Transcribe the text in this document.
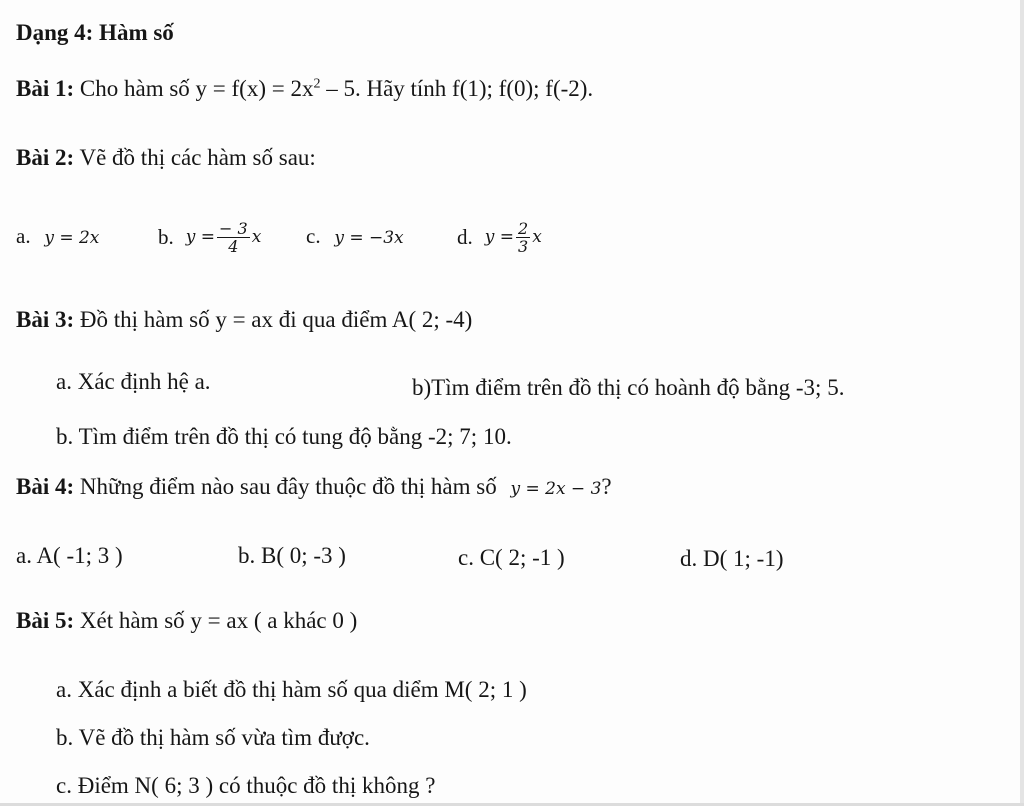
Dạng 4: Hàm số
Bài 1: Cho hàm số $y = f(x) = 2x^2 - 5$. Hãy tính f(1); f(0); f(-2).
Bài 2: Vẽ đồ thị các hàm số sau:
a. y = 2x	b. $y = \frac{- 3}{4}$ x c. y = −3x	d. $y = \frac{2}{3}$ x
Bài 3: Đồ thị hàm số y = ax đi qua điểm A( 2; -4)
a. Xác định hệ a.	b)Tìm điểm trên đồ thị có hoành độ bằng -3; 5.
b. Tìm điểm trên đồ thị có tung độ bằng -2; 7; 10.
Bài 4: Những điểm nào sau đây thuộc đồ thị hàm số y = 2x − 3?
a. A( -1; 3 )	b. B( 0; -3 )	c. C( 2; -1 )	d. D( 1; -1)
Bài 5: Xét hàm số y = ax ( a khác 0 )
a. Xác định a biết đồ thị hàm số qua diểm M( 2; 1 )
b. Vẽ đồ thị hàm số vừa tìm được.
c. Điểm N( 6; 3 ) có thuộc đồ thị không ?
